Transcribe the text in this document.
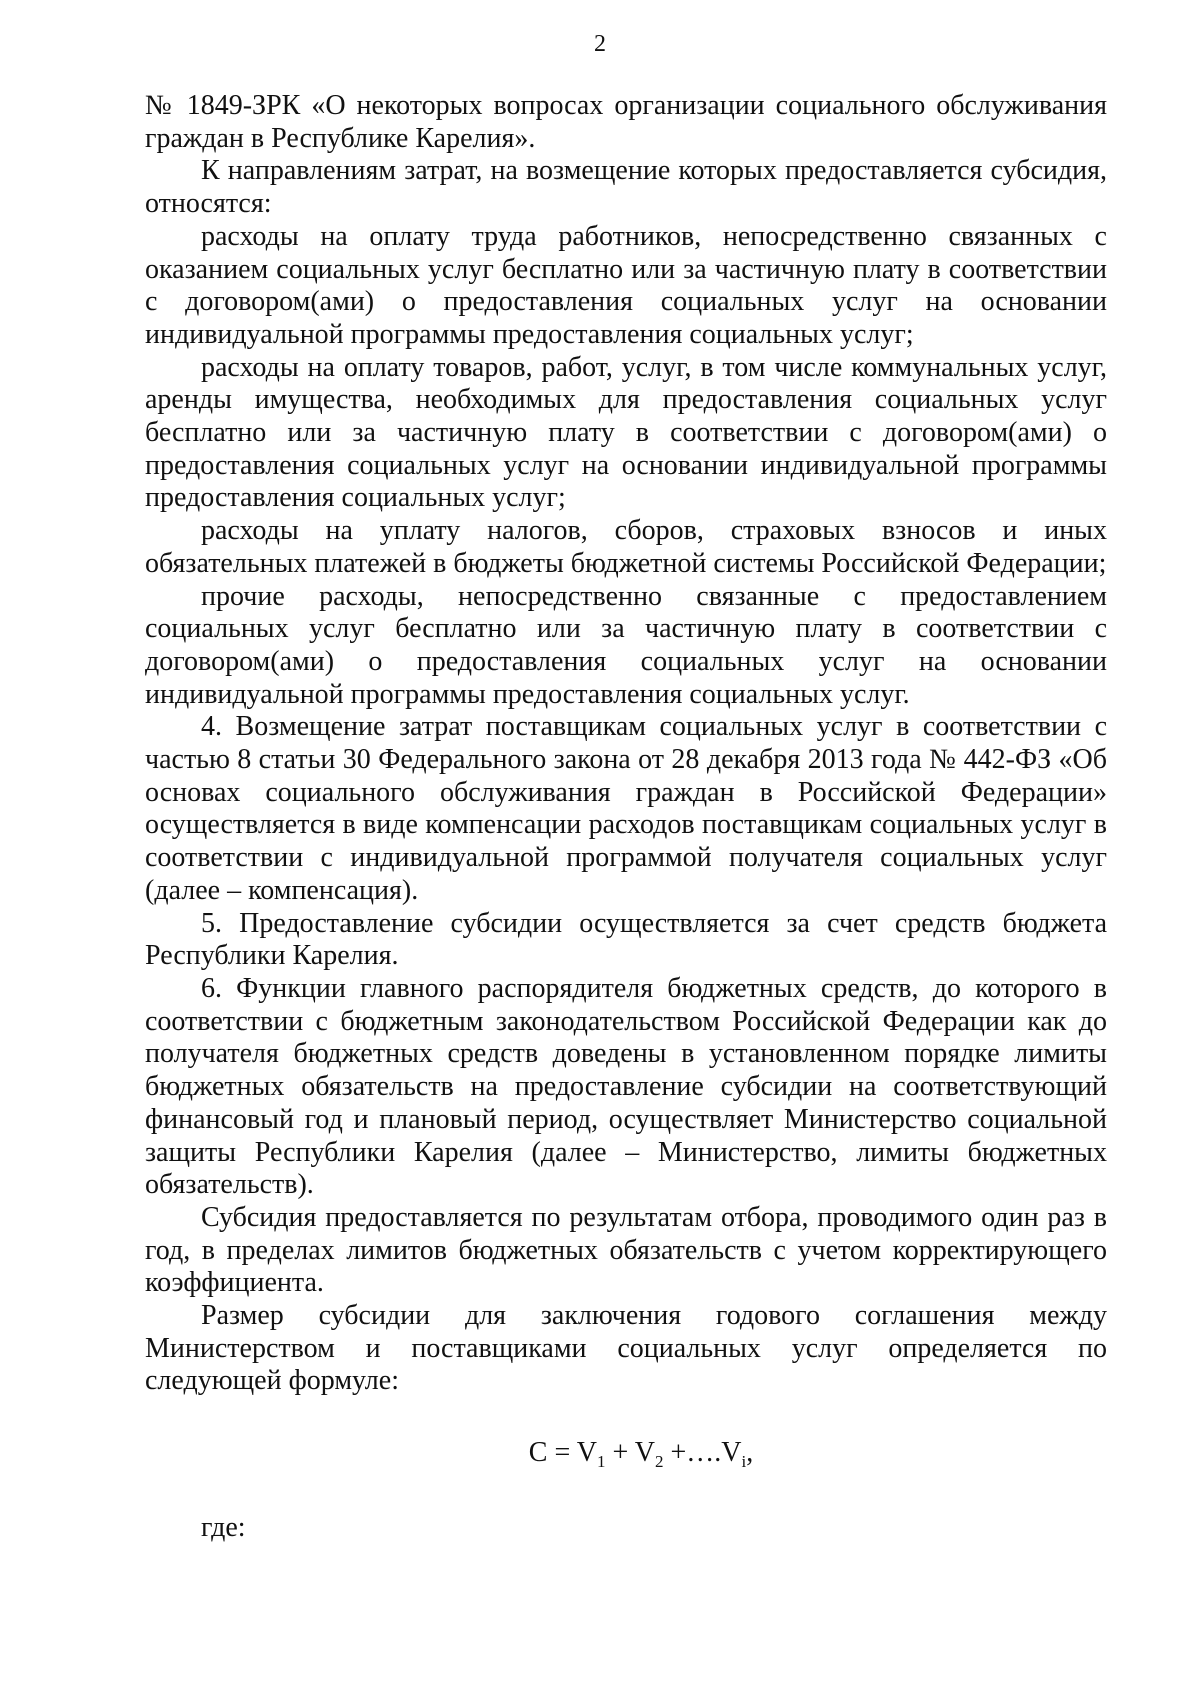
2

№ 1849-ЗРК «О некоторых вопросах организации социального обслуживания граждан в Республике Карелия».

К направлениям затрат, на возмещение которых предоставляется субсидия, относятся:

расходы на оплату труда работников, непосредственно связанных с оказанием социальных услуг бесплатно или за частичную плату в соответствии с договором(ами) о предоставления социальных услуг на основании индивидуальной программы предоставления социальных услуг;

расходы на оплату товаров, работ, услуг, в том числе коммунальных услуг, аренды имущества, необходимых для предоставления социальных услуг бесплатно или за частичную плату в соответствии с договором(ами) о предоставления социальных услуг на основании индивидуальной программы предоставления социальных услуг;

расходы на уплату налогов, сборов, страховых взносов и иных обязательных платежей в бюджеты бюджетной системы Российской Федерации;

прочие расходы, непосредственно связанные с предоставлением социальных услуг бесплатно или за частичную плату в соответствии с договором(ами) о предоставления социальных услуг на основании индивидуальной программы предоставления социальных услуг.

4. Возмещение затрат поставщикам социальных услуг в соответствии с частью 8 статьи 30 Федерального закона от 28 декабря 2013 года № 442-ФЗ «Об основах социального обслуживания граждан в Российской Федерации» осуществляется в виде компенсации расходов поставщикам социальных услуг в соответствии с индивидуальной программой получателя социальных услуг (далее – компенсация).

5. Предоставление субсидии осуществляется за счет средств бюджета Республики Карелия.

6. Функции главного распорядителя бюджетных средств, до которого в соответствии с бюджетным законодательством Российской Федерации как до получателя бюджетных средств доведены в установленном порядке лимиты бюджетных обязательств на предоставление субсидии на соответствующий финансовый год и плановый период, осуществляет Министерство социальной защиты Республики Карелия (далее – Министерство, лимиты бюджетных обязательств).

Субсидия предоставляется по результатам отбора, проводимого один раз в год, в пределах лимитов бюджетных обязательств с учетом корректирующего коэффициента.

Размер субсидии для заключения годового соглашения между Министерством и поставщиками социальных услуг определяется по следующей формуле:

$C = V_1 + V_2$ $+\dots.V_i$,

где:
